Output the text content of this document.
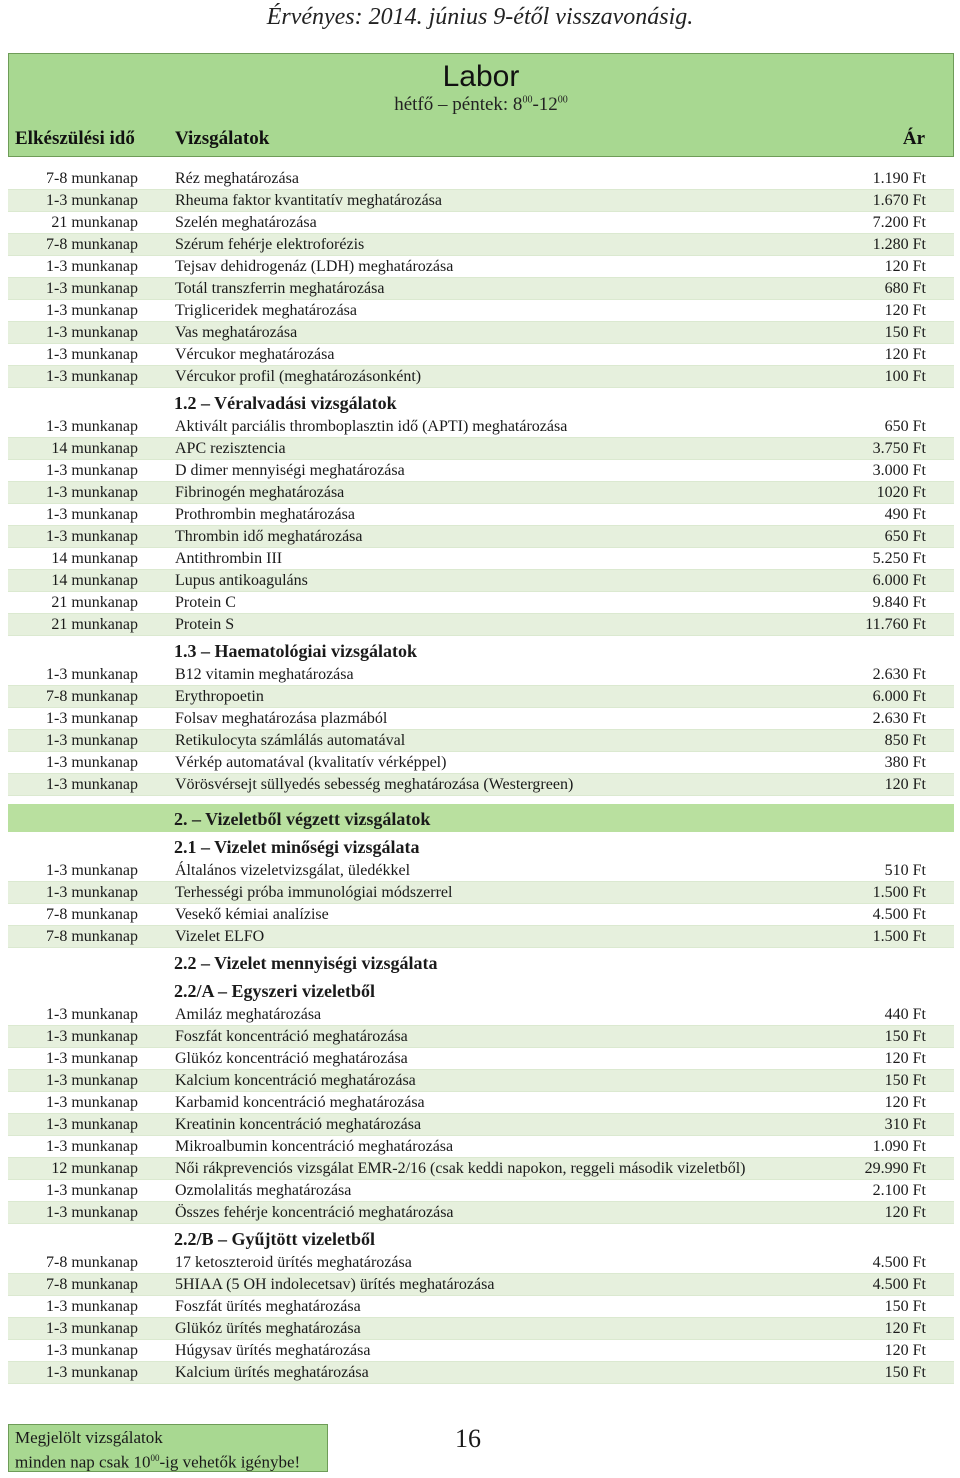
Érvényes: 2014. június 9-étől visszavonásig.
Labor
hétfő – péntek: $8^{00}-12^{00}$
Elkészülési idő Vizsgálatok	Ár
7-8 munkanap Réz meghatározása	1.190 Ft
1-3 munkanap Rheuma faktor kvantitatív meghatározása	1.670 Ft
21 munkanap Szelén meghatározása	7.200 Ft
7-8 munkanap Szérum fehérje elektroforézis	1.280 Ft
1-3 munkanap Tejsav dehidrogenáz (LDH) meghatározása	120 Ft
1-3 munkanap Totál transzferrin meghatározása	680 Ft
1-3 munkanap Trigliceridek meghatározása	120 Ft
1-3 munkanap Vas meghatározása	150 Ft
1-3 munkanap Vércukor meghatározása	120 Ft
1-3 munkanap Vércukor profil (meghatározásonként)	100 Ft
1.2 – Véralvadási vizsgálatok
1-3 munkanap Aktivált parciális thromboplasztin idő (APTI) meghatározása	650 Ft
14 munkanap APC rezisztencia	3.750 Ft
1-3 munkanap D dimer mennyiségi meghatározása	3.000 Ft
1-3 munkanap Fibrinogén meghatározása	1020 Ft
1-3 munkanap Prothrombin meghatározása	490 Ft
1-3 munkanap Thrombin idő meghatározása	650 Ft
14 munkanap Antithrombin III	5.250 Ft
14 munkanap Lupus antikoaguláns	6.000 Ft
21 munkanap Protein C	9.840 Ft
21 munkanap Protein S	11.760 Ft
1.3 – Haematológiai vizsgálatok
1-3 munkanap B12 vitamin meghatározása	2.630 Ft
7-8 munkanap Erythropoetin	6.000 Ft
1-3 munkanap Folsav meghatározása plazmából	2.630 Ft
1-3 munkanap Retikulocyta számlálás automatával	850 Ft
1-3 munkanap Vérkép automatával (kvalitatív vérképpel)	380 Ft
1-3 munkanap Vörösvérsejt süllyedés sebesség meghatározása (Westergreen)	120 Ft
2. – Vizeletből végzett vizsgálatok
2.1 – Vizelet minőségi vizsgálata
1-3 munkanap Általános vizeletvizsgálat, üledékkel	510 Ft
1-3 munkanap Terhességi próba immunológiai módszerrel	1.500 Ft
7-8 munkanap Vesekő kémiai analízise	4.500 Ft
7-8 munkanap Vizelet ELFO	1.500 Ft
2.2 – Vizelet mennyiségi vizsgálata
2.2/A – Egyszeri vizeletből
1-3 munkanap Amiláz meghatározása	440 Ft
1-3 munkanap Foszfát koncentráció meghatározása	150 Ft
1-3 munkanap Glükóz koncentráció meghatározása	120 Ft
1-3 munkanap Kalcium koncentráció meghatározása	150 Ft
1-3 munkanap Karbamid koncentráció meghatározása	120 Ft
1-3 munkanap Kreatinin koncentráció meghatározása	310 Ft
1-3 munkanap Mikroalbumin koncentráció meghatározása	1.090 Ft
12 munkanap Női rákprevenciós vizsgálat EMR-2/16 (csak keddi napokon, reggeli második vizeletből)	29.990 Ft
1-3 munkanap Ozmolalitás meghatározása	2.100 Ft
1-3 munkanap Összes fehérje koncentráció meghatározása	120 Ft
2.2/B – Gyűjtött vizeletből
7-8 munkanap 17 ketoszteroid ürítés meghatározása	4.500 Ft
7-8 munkanap 5HIAA (5 OH indolecetsav) ürítés meghatározása	4.500 Ft
1-3 munkanap Foszfát ürítés meghatározása	150 Ft
1-3 munkanap Glükóz ürítés meghatározása	120 Ft
1-3 munkanap Húgysav ürítés meghatározása	120 Ft
1-3 munkanap Kalcium ürítés meghatározása	150 Ft
Megjelölt vizsgálatok
minden nap csak $10^{00}-ig$ vehetők igénybe!
16
